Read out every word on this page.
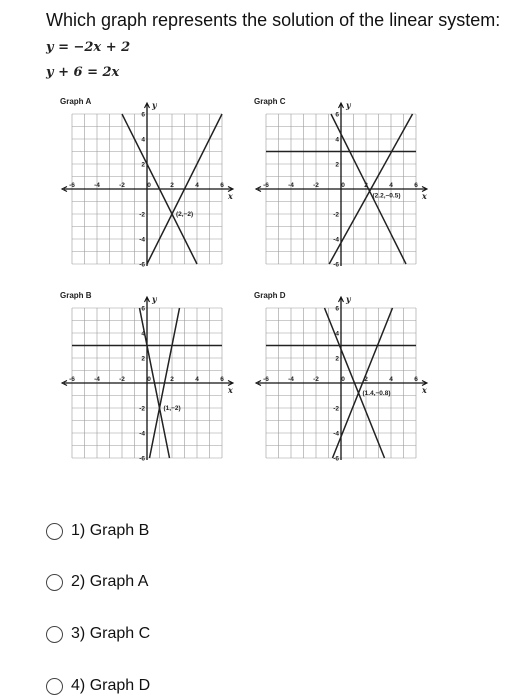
Which graph represents the solution of the linear system:
y = −2x + 2
y + 6 = 2x
Graph A	y
x
-6	-4	-2	0	2	4	6
6
4
2
-2
-4
-6
(2,−2)
Graph C	y
x
-6	-4	-2	0	2	4	6
6
4
2
-2
-4
-6
(2.2,−0.5)
Graph B	y
x
-6	-4	-2	0	2	4	6
6
4
2
-2
-4
-6
(1,−2)
Graph D	y
x
-6	-4	-2	0	2	4	6
6
4
2
-2
-4
-6
(1.4,−0.8)
1) Graph B
2) Graph A
3) Graph C
4) Graph D
